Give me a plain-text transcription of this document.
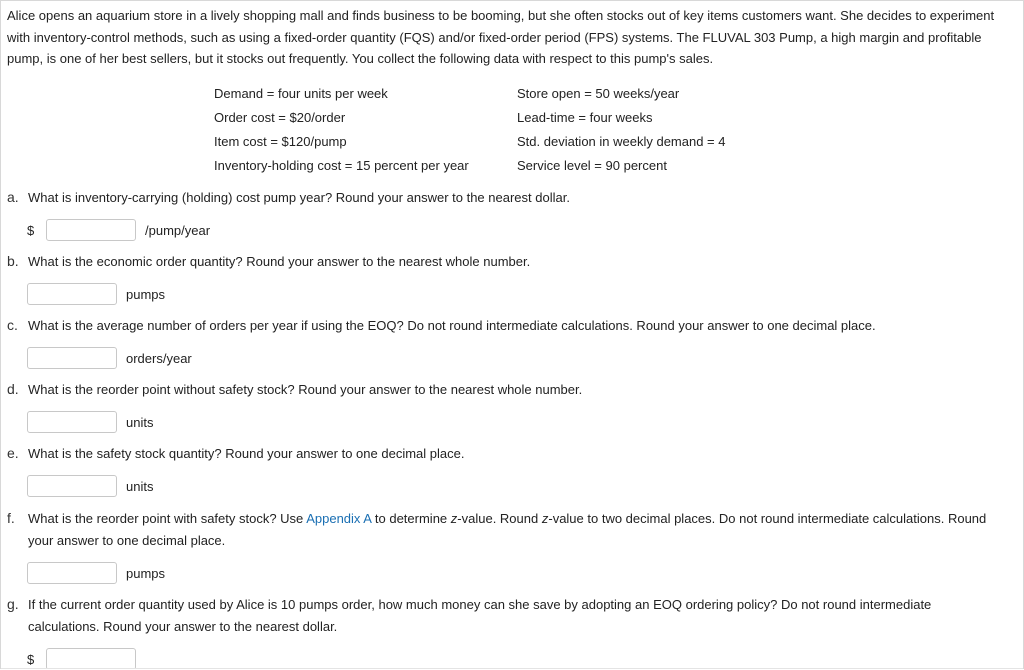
Alice opens an aquarium store in a lively shopping mall and finds business to be booming, but she often stocks out of key items customers want. She decides to experiment with inventory-control methods, such as using a fixed-order quantity (FQS) and/or fixed-order period (FPS) systems. The FLUVAL 303 Pump, a high margin and profitable pump, is one of her best sellers, but it stocks out frequently. You collect the following data with respect to this pump's sales.

Demand = four units per week	Store open = 50 weeks/year
Order cost = $20/order	Lead-time = four weeks
Item cost = $120/pump	Std. deviation in weekly demand = 4
Inventory-holding cost = 15 percent per year	Service level = 90 percent
a. What is inventory-carrying (holding) cost pump year? Round your answer to the nearest dollar.
$	/pump/year
b. What is the economic order quantity? Round your answer to the nearest whole number.
pumps
c. What is the average number of orders per year if using the EOQ? Do not round intermediate calculations. Round your answer to one decimal place.
orders/year
d. What is the reorder point without safety stock? Round your answer to the nearest whole number.
units
e. What is the safety stock quantity? Round your answer to one decimal place.
units
f. What is the reorder point with safety stock? Use Appendix A to determine z-value. Round z-value to two decimal places. Do not round intermediate calculations. Round your answer to one decimal place.
pumps
g. If the current order quantity used by Alice is 10 pumps order, how much money can she save by adopting an EOQ ordering policy? Do not round intermediate calculations. Round your answer to the nearest dollar.
$
